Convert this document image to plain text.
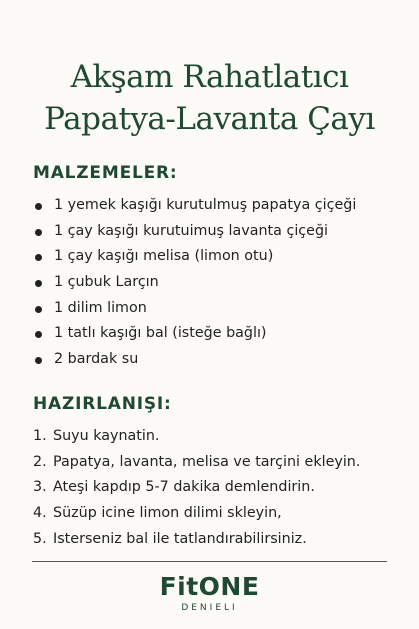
Akşam Rahatlatıcı
Papatya-Lavanta Çayı
MALZEMELER:
1 yemek kaşığı kurutulmuş papatya çiçeği
1 çay kaşığı kurutuimuş lavanta çiçeği
1 çay kaşığı melisa (limon otu)
1 çubuk Larçın
1 dilim limon
1 tatlı kaşığı bal (isteğe bağlı)
2 bardak su
HAZIRLANIŞI:
1. Suyu kaynatin.
2. Papatya, lavanta, melisa ve tarçini ekleyin.
3. Ateşi kapdıp 5-7 dakika demlendirin.
4. Süzüp icine limon dilimi skleyin,
5. Isterseniz bal ile tatlandırabilirsiniz.
FitONE
DENIELI
